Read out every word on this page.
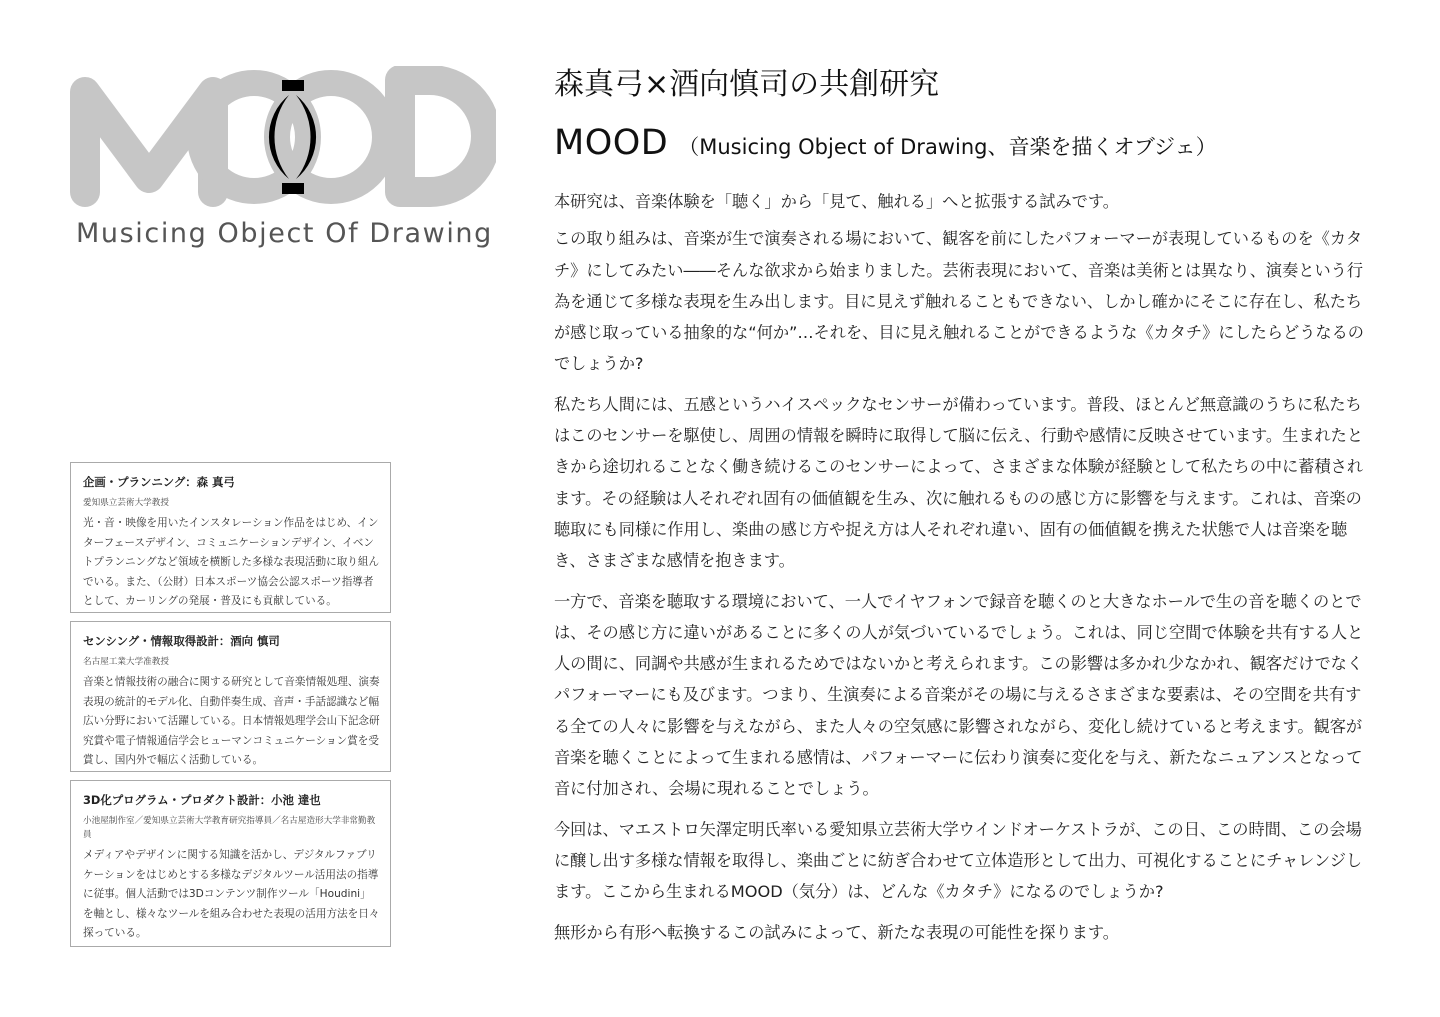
Musicing Object Of Drawing
森真弓×酒向慎司の共創研究
MOOD （Musicing Object of Drawing、音楽を描くオブジェ）

本研究は、音楽体験を「聴く」から「見て、触れる」へと拡張する試みです。

この取り組みは、音楽が生で演奏される場において、観客を前にしたパフォーマーが表現しているものを《カタチ》にしてみたい――そんな欲求から始まりました。芸術表現において、音楽は美術とは異なり、演奏という行為を通じて多様な表現を生み出します。目に見えず触れることもできない、しかし確かにそこに存在し、私たちが感じ取っている抽象的な“何か”…それを、目に見え触れることができるような《カタチ》にしたらどうなるのでしょうか?

私たち人間には、五感というハイスペックなセンサーが備わっています。普段、ほとんど無意識のうちに私たちはこのセンサーを駆使し、周囲の情報を瞬時に取得して脳に伝え、行動や感情に反映させています。生まれたときから途切れることなく働き続けるこのセンサーによって、さまざまな体験が経験として私たちの中に蓄積されます。その経験は人それぞれ固有の価値観を生み、次に触れるものの感じ方に影響を与えます。これは、音楽の聴取にも同様に作用し、楽曲の感じ方や捉え方は人それぞれ違い、固有の価値観を携えた状態で人は音楽を聴き、さまざまな感情を抱きます。

一方で、音楽を聴取する環境において、一人でイヤフォンで録音を聴くのと大きなホールで生の音を聴くのとでは、その感じ方に違いがあることに多くの人が気づいているでしょう。これは、同じ空間で体験を共有する人と人の間に、同調や共感が生まれるためではないかと考えられます。この影響は多かれ少なかれ、観客だけでなくパフォーマーにも及びます。つまり、生演奏による音楽がその場に与えるさまざまな要素は、その空間を共有する全ての人々に影響を与えながら、また人々の空気感に影響されながら、変化し続けていると考えます。観客が音楽を聴くことによって生まれる感情は、パフォーマーに伝わり演奏に変化を与え、新たなニュアンスとなって音に付加され、会場に現れることでしょう。

今回は、マエストロ矢澤定明氏率いる愛知県立芸術大学ウインドオーケストラが、この日、この時間、この会場に醸し出す多様な情報を取得し、楽曲ごとに紡ぎ合わせて立体造形として出力、可視化することにチャレンジします。ここから生まれるMOOD（気分）は、どんな《カタチ》になるのでしょうか?

無形から有形へ転換するこの試みによって、新たな表現の可能性を探ります。

企画・プランニング：森 真弓
愛知県立芸術大学教授

光・音・映像を用いたインスタレーション作品をはじめ、インターフェースデザイン、コミュニケーションデザイン、イベントプランニングなど領域を横断した多様な表現活動に取り組んでいる。また、（公財）日本スポーツ協会公認スポーツ指導者として、カーリングの発展・普及にも貢献している。

センシング・情報取得設計：酒向 慎司
名古屋工業大学准教授

音楽と情報技術の融合に関する研究として音楽情報処理、演奏表現の統計的モデル化、自動伴奏生成、音声・手話認識など幅広い分野において活躍している。日本情報処理学会山下記念研究賞や電子情報通信学会ヒューマンコミュニケーション賞を受賞し、国内外で幅広く活動している。

3D化プログラム・プロダクト設計：小池 達也
小池屋制作室／愛知県立芸術大学教育研究指導員／名古屋造形大学非常勤教員

メディアやデザインに関する知識を活かし、デジタルファブリケーションをはじめとする多様なデジタルツール活用法の指導に従事。個人活動では3Dコンテンツ制作ツール「Houdini」を軸とし、様々なツールを組み合わせた表現の活用方法を日々探っている。
